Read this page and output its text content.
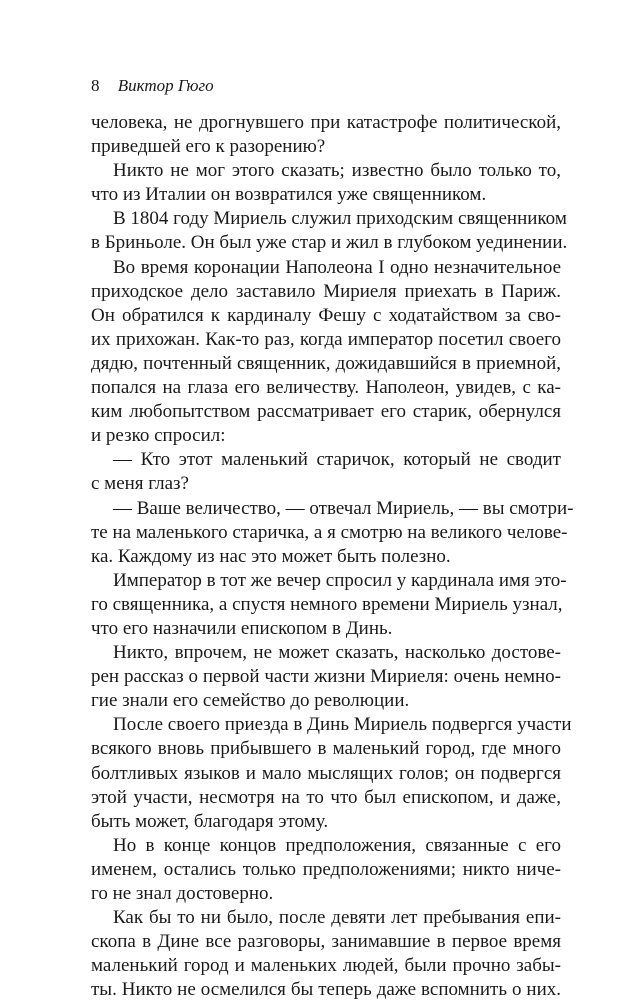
8 Виктор Гюго
человека, не дрогнувшего при катастрофе политической,
приведшей его к разорению?
Никто не мог этого сказать; известно было только то,
что из Италии он возвратился уже священником.
В 1804 году Мириель служил приходским священником
в Бриньоле. Он был уже стар и жил в глубоком уединении.
Во время коронации Наполеона I одно незначительное
приходское дело заставило Мириеля приехать в Париж.
Он обратился к кардиналу Фешу с ходатайством за сво-
их прихожан. Как-то раз, когда император посетил своего
дядю, почтенный священник, дожидавшийся в приемной,
попался на глаза его величеству. Наполеон, увидев, с ка-
ким любопытством рассматривает его старик, обернулся
и резко спросил:
— Кто этот маленький старичок, который не сводит
с меня глаз?
— Ваше величество, — отвечал Мириель, — вы смотри-
те на маленького старичка, а я смотрю на великого челове-
ка. Каждому из нас это может быть полезно.
Император в тот же вечер спросил у кардинала имя это-
го священника, а спустя немного времени Мириель узнал,
что его назначили епископом в Динь.
Никто, впрочем, не может сказать, насколько достове-
рен рассказ о первой части жизни Мириеля: очень немно-
гие знали его семейство до революции.
После своего приезда в Динь Мириель подвергся участи
всякого вновь прибывшего в маленький город, где много
болтливых языков и мало мыслящих голов; он подвергся
этой участи, несмотря на то что был епископом, и даже,
быть может, благодаря этому.
Но в конце концов предположения, связанные с его
именем, остались только предположениями; никто ниче-
го не знал достоверно.
Как бы то ни было, после девяти лет пребывания епи-
скопа в Дине все разговоры, занимавшие в первое время
маленький город и маленьких людей, были прочно забы-
ты. Никто не осмелился бы теперь даже вспомнить о них.
